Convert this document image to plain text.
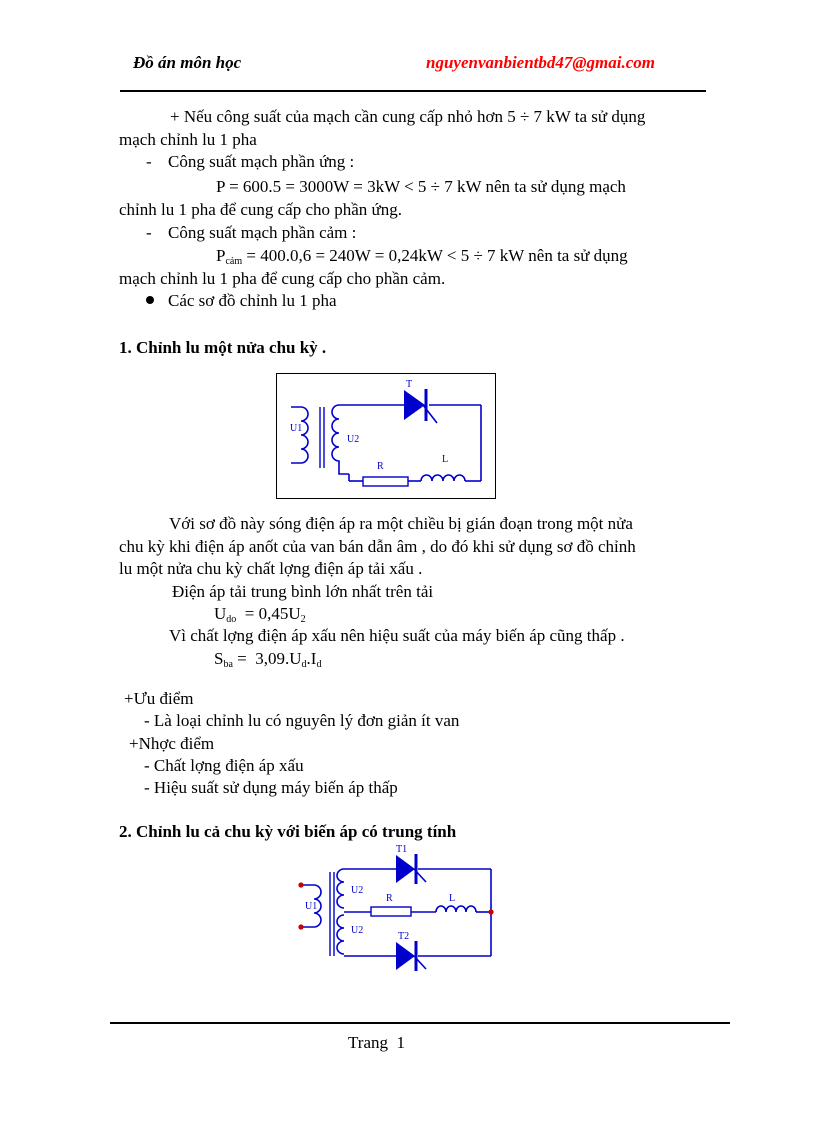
Đồ án môn học	nguyenvanbientbd47@gmai.com
+ Nếu công suất của mạch cần cung cấp nhỏ hơn 5 ÷ 7 kW ta sử dụng
mạch chỉnh lu 1 pha
- Công suất mạch phần ứng :
P = 600.5 = 3000W = 3kW < 5 ÷ 7 kW nên ta sử dụng mạch
chỉnh lu 1 pha để cung cấp cho phần ứng.
- Công suất mạch phần cảm :
$P_{cảm} = 400.0,6 = 240W = 0,24kW < 5 \div 7$ kW nên ta sử dụng
mạch chỉnh lu 1 pha để cung cấp cho phần cảm.
Các sơ đồ chỉnh lu 1 pha
1. Chỉnh lu một nửa chu kỳ .
T
U1
U2
R
L
Với sơ đồ này sóng điện áp ra một chiều bị gián đoạn trong một nửa
chu kỳ khi điện áp anốt của van bán dẫn âm , do đó khi sử dụng sơ đồ chỉnh
lu một nửa chu kỳ chất lợng điện áp tải xấu .
Điện áp tải trung bình lớn nhất trên tải
$U_{do} = 0,45U_2$
Vì chất lợng điện áp xấu nên hiệu suất của máy biến áp cũng thấp .
$S_{ba} = 3,09.U_d.I_d$
+Ưu điểm
- Là loại chỉnh lu có nguyên lý đơn giản ít van
+Nhợc điểm
- Chất lợng điện áp xấu
- Hiệu suất sử dụng máy biến áp thấp
2. Chỉnh lu cả chu kỳ với biến áp có trung tính
T1
T2
U1
U2
U2
R	L
Trang  1
